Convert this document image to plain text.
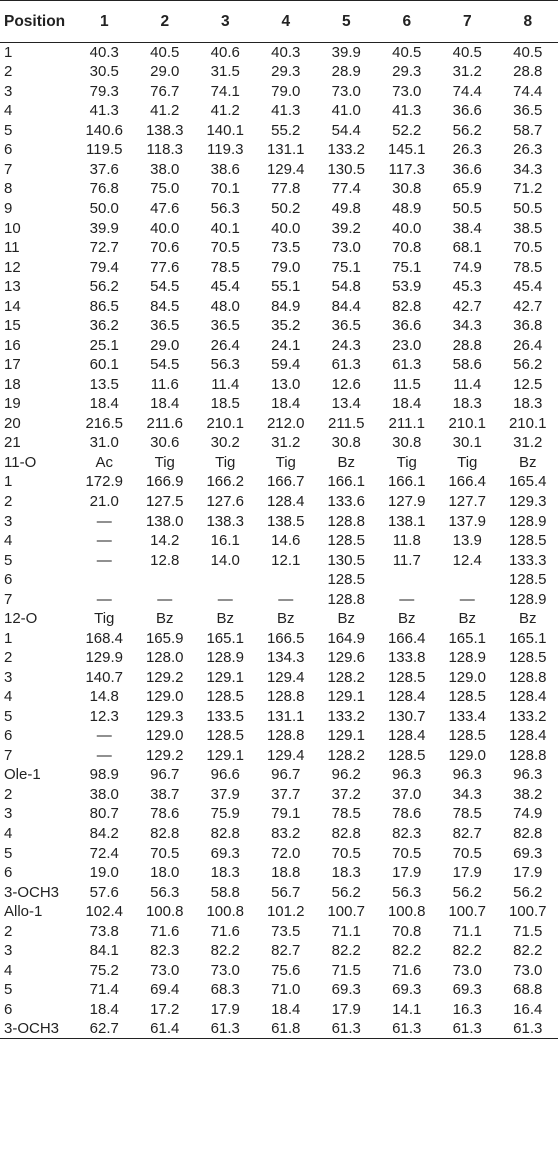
Position	1	2	3	4	5	6	7	8
1	40.3	40.5	40.6	40.3	39.9	40.5	40.5	40.5
2	30.5	29.0	31.5	29.3	28.9	29.3	31.2	28.8
3	79.3	76.7	74.1	79.0	73.0	73.0	74.4	74.4
4	41.3	41.2	41.2	41.3	41.0	41.3	36.6	36.5
5	140.6	138.3	140.1	55.2	54.4	52.2	56.2	58.7
6	119.5	118.3	119.3	131.1	133.2	145.1	26.3	26.3
7	37.6	38.0	38.6	129.4	130.5	117.3	36.6	34.3
8	76.8	75.0	70.1	77.8	77.4	30.8	65.9	71.2
9	50.0	47.6	56.3	50.2	49.8	48.9	50.5	50.5
10	39.9	40.0	40.1	40.0	39.2	40.0	38.4	38.5
11	72.7	70.6	70.5	73.5	73.0	70.8	68.1	70.5
12	79.4	77.6	78.5	79.0	75.1	75.1	74.9	78.5
13	56.2	54.5	45.4	55.1	54.8	53.9	45.3	45.4
14	86.5	84.5	48.0	84.9	84.4	82.8	42.7	42.7
15	36.2	36.5	36.5	35.2	36.5	36.6	34.3	36.8
16	25.1	29.0	26.4	24.1	24.3	23.0	28.8	26.4
17	60.1	54.5	56.3	59.4	61.3	61.3	58.6	56.2
18	13.5	11.6	11.4	13.0	12.6	11.5	11.4	12.5
19	18.4	18.4	18.5	18.4	13.4	18.4	18.3	18.3
20	216.5	211.6	210.1	212.0	211.5	211.1	210.1	210.1
21	31.0	30.6	30.2	31.2	30.8	30.8	30.1	31.2
11-O	Ac	Tig	Tig	Tig	Bz	Tig	Tig	Bz
1	172.9	166.9	166.2	166.7	166.1	166.1	166.4	165.4
2	21.0	127.5	127.6	128.4	133.6	127.9	127.7	129.3
3	—	138.0	138.3	138.5	128.8	138.1	137.9	128.9
4	—	14.2	16.1	14.6	128.5	11.8	13.9	128.5
5	—	12.8	14.0	12.1	130.5	11.7	12.4	133.3
6					128.5			128.5
7	—	—	—	—	128.8	—	—	128.9
12-O	Tig	Bz	Bz	Bz	Bz	Bz	Bz	Bz
1	168.4	165.9	165.1	166.5	164.9	166.4	165.1	165.1
2	129.9	128.0	128.9	134.3	129.6	133.8	128.9	128.5
3	140.7	129.2	129.1	129.4	128.2	128.5	129.0	128.8
4	14.8	129.0	128.5	128.8	129.1	128.4	128.5	128.4
5	12.3	129.3	133.5	131.1	133.2	130.7	133.4	133.2
6	—	129.0	128.5	128.8	129.1	128.4	128.5	128.4
7	—	129.2	129.1	129.4	128.2	128.5	129.0	128.8
Ole-1	98.9	96.7	96.6	96.7	96.2	96.3	96.3	96.3
2	38.0	38.7	37.9	37.7	37.2	37.0	34.3	38.2
3	80.7	78.6	75.9	79.1	78.5	78.6	78.5	74.9
4	84.2	82.8	82.8	83.2	82.8	82.3	82.7	82.8
5	72.4	70.5	69.3	72.0	70.5	70.5	70.5	69.3
6	19.0	18.0	18.3	18.8	18.3	17.9	17.9	17.9
3-OCH3	57.6	56.3	58.8	56.7	56.2	56.3	56.2	56.2
Allo-1	102.4	100.8	100.8	101.2	100.7	100.8	100.7	100.7
2	73.8	71.6	71.6	73.5	71.1	70.8	71.1	71.5
3	84.1	82.3	82.2	82.7	82.2	82.2	82.2	82.2
4	75.2	73.0	73.0	75.6	71.5	71.6	73.0	73.0
5	71.4	69.4	68.3	71.0	69.3	69.3	69.3	68.8
6	18.4	17.2	17.9	18.4	17.9	14.1	16.3	16.4
3-OCH3	62.7	61.4	61.3	61.8	61.3	61.3	61.3	61.3
